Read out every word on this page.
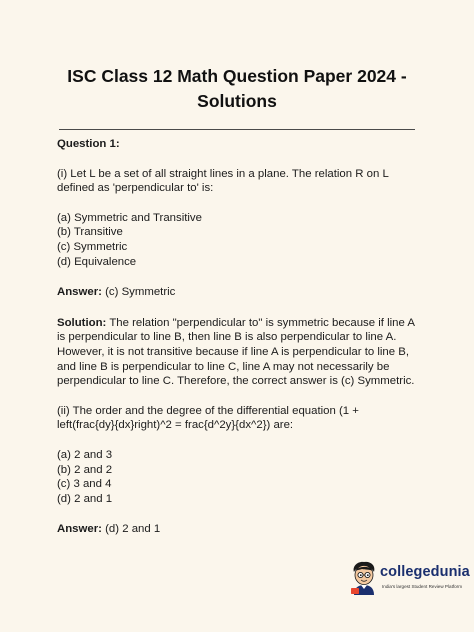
ISC Class 12 Math Question Paper 2024 - Solutions

Question 1:

(i) Let L be a set of all straight lines in a plane. The relation R on L defined as 'perpendicular to' is:

(a) Symmetric and Transitive

(b) Transitive

(c) Symmetric

(d) Equivalence

Answer: (c) Symmetric

Solution: The relation "perpendicular to" is symmetric because if line A is perpendicular to line B, then line B is also perpendicular to line A. However, it is not transitive because if line A is perpendicular to line B, and line B is perpendicular to line C, line A may not necessarily be perpendicular to line C. Therefore, the correct answer is (c) Symmetric.

(ii) The order and the degree of the differential equation (1 + left(frac{dy}{dx}right)^2 = frac{d^2y}{dx^2}) are:

(a) 2 and 3

(b) 2 and 2

(c) 3 and 4

(d) 2 and 1

Answer: (d) 2 and 1

collegedunia
India's largest Student Review Platform
